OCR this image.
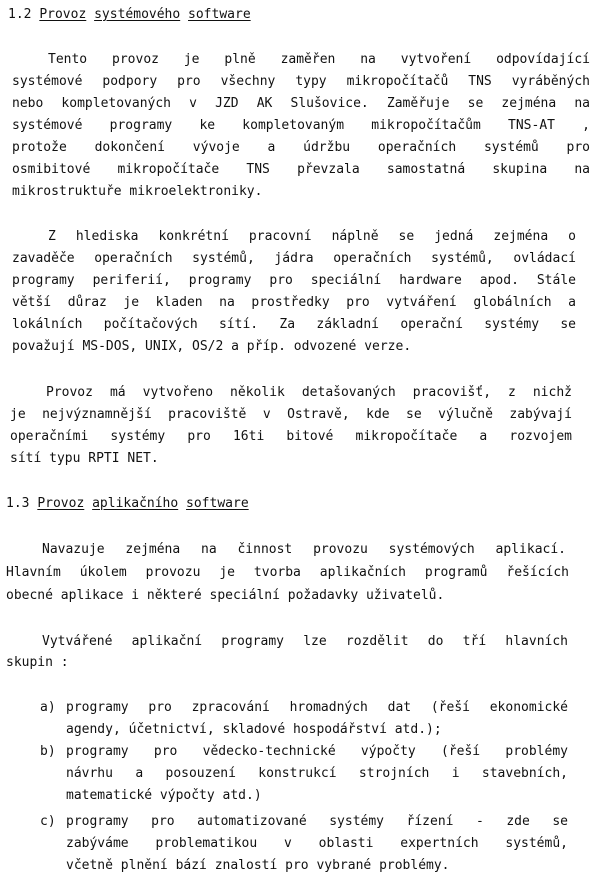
1.2 Provoz systémového software
Tento provoz je plně zaměřen na vytvoření odpovídající
systémové podpory pro všechny typy mikropočítačů TNS vyráběných
nebo kompletovaných v JZD AK Slušovice. Zaměřuje se zejména na
systémové programy ke kompletovaným mikropočítačům TNS-AT ,
protože dokončení vývoje a údržbu operačních systémů pro
osmibitové mikropočítače TNS převzala samostatná skupina na
mikrostruktuře mikroelektroniky.
Z hlediska konkrétní pracovní náplně se jedná zejména o
zavaděče operačních systémů, jádra operačních systémů, ovládací
programy periferií, programy pro speciální hardware apod. Stále
větší důraz je kladen na prostředky pro vytváření globálních a
lokálních počítačových sítí. Za základní operační systémy se
považují MS-DOS, UNIX, OS/2 a příp. odvozené verze.
Provoz má vytvořeno několik detašovaných pracovišť, z nichž
je nejvýznamnější pracoviště v Ostravě, kde se výlučně zabývají
operačními systémy pro 16ti bitové mikropočítače a rozvojem
sítí typu RPTI NET.
1.3 Provoz aplikačního software
Navazuje zejména na činnost provozu systémových aplikací.
Hlavním úkolem provozu je tvorba aplikačních programů řešících
obecné aplikace i některé speciální požadavky uživatelů.
Vytvářené aplikační programy lze rozdělit do tří hlavních
skupin :
a) programy pro zpracování hromadných dat (řeší ekonomické
agendy, účetnictví, skladové hospodářství atd.);
b) programy pro vědecko-technické výpočty (řeší problémy
návrhu a posouzení konstrukcí strojních i stavebních,
matematické výpočty atd.)
c) programy pro automatizované systémy řízení - zde se
zabýváme problematikou v oblasti expertních systémů,
včetně plnění bází znalostí pro vybrané problémy.
